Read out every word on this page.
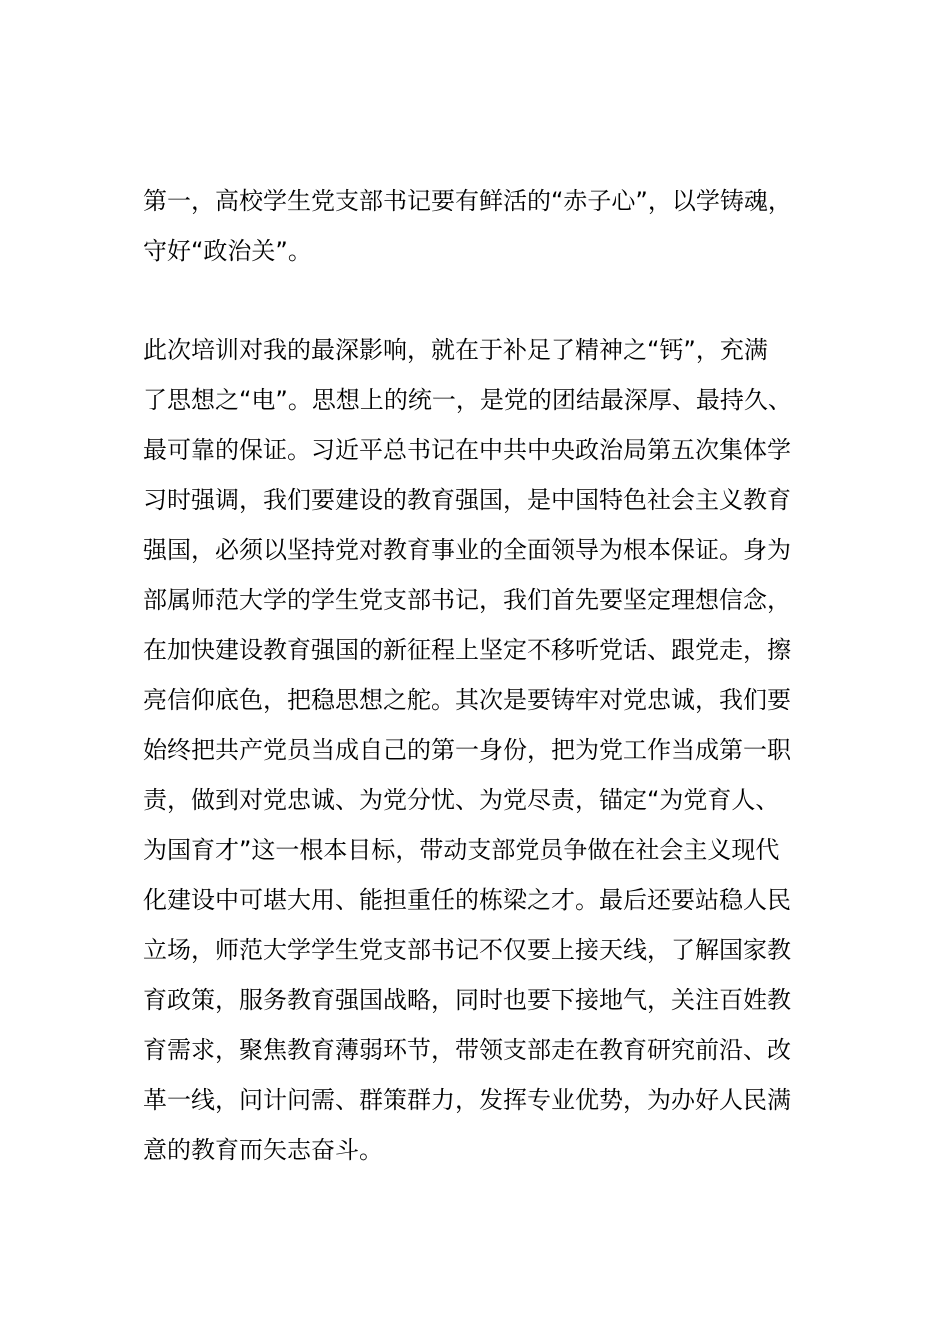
第一，高校学生党支部书记要有鲜活的“赤子心”，以学铸魂，
守好“政治关”。
此次培训对我的最深影响，就在于补足了精神之“钙”，充满
了思想之“电”。思想上的统一，是党的团结最深厚、最持久、
最可靠的保证。习近平总书记在中共中央政治局第五次集体学
习时强调，我们要建设的教育强国，是中国特色社会主义教育
强国，必须以坚持党对教育事业的全面领导为根本保证。身为
部属师范大学的学生党支部书记，我们首先要坚定理想信念，
在加快建设教育强国的新征程上坚定不移听党话、跟党走，擦
亮信仰底色，把稳思想之舵。其次是要铸牢对党忠诚，我们要
始终把共产党员当成自己的第一身份，把为党工作当成第一职
责，做到对党忠诚、为党分忧、为党尽责，锚定“为党育人、
为国育才”这一根本目标，带动支部党员争做在社会主义现代
化建设中可堪大用、能担重任的栋梁之才。最后还要站稳人民
立场，师范大学学生党支部书记不仅要上接天线，了解国家教
育政策，服务教育强国战略，同时也要下接地气，关注百姓教
育需求，聚焦教育薄弱环节，带领支部走在教育研究前沿、改
革一线，问计问需、群策群力，发挥专业优势，为办好人民满
意的教育而矢志奋斗。
